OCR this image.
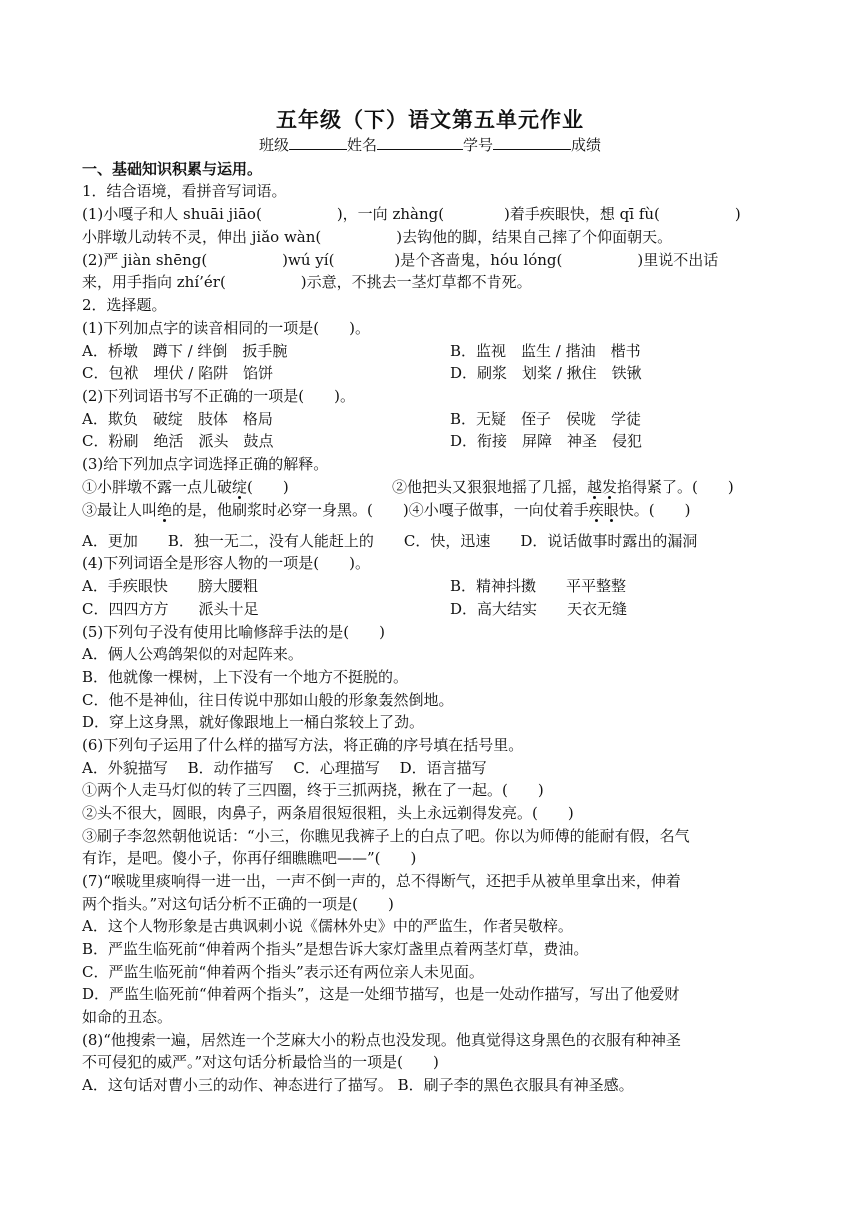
五年级（下）语文第五单元作业
班级	姓名	学号	成绩
一、基础知识积累与运用。
1．结合语境，看拼音写词语。
(1)小嘎子和人 shuāi jiāo(　　　　　)，一向 zhàng(　　　　)着手疾眼快，想 qī fù(　　　　　)
小胖墩儿动转不灵，伸出 jiǎo wàn(　　　　　)去钩他的脚，结果自己摔了个仰面朝天。
(2)严 jiàn shēng(　　　　　)wú yí(　　　　)是个吝啬鬼，hóu lóng(　　　　　)里说不出话
来，用手指向 zhí’ér(　　　　　)示意，不挑去一茎灯草都不肯死。
2．选择题。
(1)下列加点字的读音相同的一项是(　　)。
A．桥墩　蹲下 / 绊倒　扳手腕	B．监视　监生 / 揩油　楷书
C．包袱　埋伏 / 陷阱　馅饼	D．刷浆　划桨 / 揪住　铁锹
(2)下列词语书写不正确的一项是(　　)。
A．欺负　破绽　肢体　格局	B．无疑　侄子　侯咙　学徒
C．粉刷　绝活　派头　鼓点	D．衔接　屏障　神圣　侵犯
(3)给下列加点字词选择正确的解释。
①小胖墩不露一点儿破绽(　　)	②他把头又狠狠地摇了几摇，越发掐得紧了。(　　)
③最让人叫绝的是，他刷浆时必穿一身黑。(　　)④小嘎子做事，一向仗着手疾眼快。(　　)
A．更加　　B．独一无二，没有人能赶上的　　C．快，迅速　　D．说话做事时露出的漏洞
(4)下列词语全是形容人物的一项是(　　)。
A．手疾眼快　　膀大腰粗	B．精神抖擞　　平平整整
C．四四方方　　派头十足	D．高大结实　　天衣无缝
(5)下列句子没有使用比喻修辞手法的是(　　)
A．俩人公鸡鸽架似的对起阵来。
B．他就像一棵树，上下没有一个地方不挺脱的。
C．他不是神仙，往日传说中那如山般的形象轰然倒地。
D．穿上这身黑，就好像跟地上一桶白浆较上了劲。
(6)下列句子运用了什么样的描写方法，将正确的序号填在括号里。
A．外貌描写　 B．动作描写　 C．心理描写　 D．语言描写
①两个人走马灯似的转了三四圈，终于三抓两挠，揪在了一起。(　　)
②头不很大，圆眼，肉鼻子，两条眉很短很粗，头上永远剃得发亮。(　　)
③刷子李忽然朝他说话：“小三，你瞧见我裤子上的白点了吧。你以为师傅的能耐有假，名气
有诈，是吧。傻小子，你再仔细瞧瞧吧——”(　　)
(7)“喉咙里痰响得一进一出，一声不倒一声的，总不得断气，还把手从被单里拿出来，伸着
两个指头。”对这句话分析不正确的一项是(　　)
A．这个人物形象是古典讽刺小说《儒林外史》中的严监生，作者吴敬梓。
B．严监生临死前“伸着两个指头”是想告诉大家灯盏里点着两茎灯草，费油。
C．严监生临死前“伸着两个指头”表示还有两位亲人未见面。
D．严监生临死前“伸着两个指头”，这是一处细节描写，也是一处动作描写，写出了他爱财
如命的丑态。
(8)“他搜索一遍，居然连一个芝麻大小的粉点也没发现。他真觉得这身黑色的衣服有种神圣
不可侵犯的威严。”对这句话分析最恰当的一项是(　　)
A．这句话对曹小三的动作、神态进行了描写。 B．刷子李的黑色衣服具有神圣感。
